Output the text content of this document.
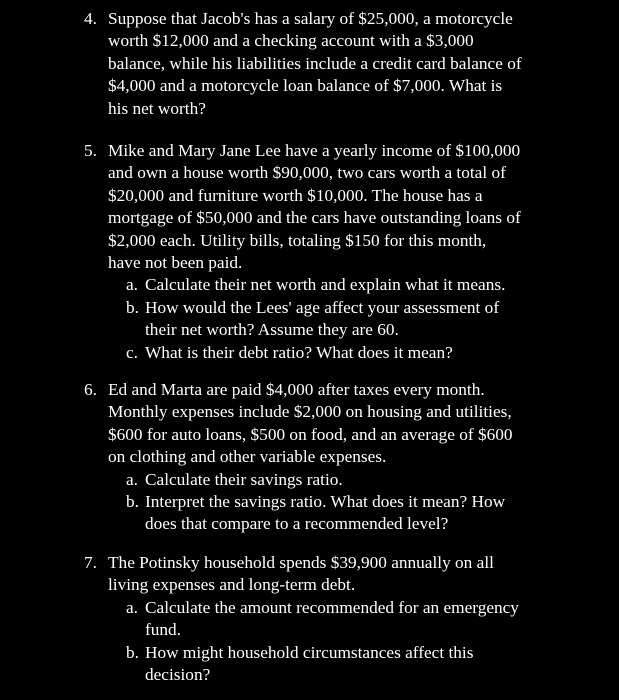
4. Suppose that Jacob's has a salary of $25,000, a motorcycle
worth $12,000 and a checking account with a $3,000
balance, while his liabilities include a credit card balance of
$4,000 and a motorcycle loan balance of $7,000. What is
his net worth?
5. Mike and Mary Jane Lee have a yearly income of $100,000
and own a house worth $90,000, two cars worth a total of
$20,000 and furniture worth $10,000. The house has a
mortgage of $50,000 and the cars have outstanding loans of
$2,000 each. Utility bills, totaling $150 for this month,
have not been paid.
a. Calculate their net worth and explain what it means.
b. How would the Lees' age affect your assessment of
their net worth? Assume they are 60.
c. What is their debt ratio? What does it mean?
6. Ed and Marta are paid $4,000 after taxes every month.
Monthly expenses include $2,000 on housing and utilities,
$600 for auto loans, $500 on food, and an average of $600
on clothing and other variable expenses.
a. Calculate their savings ratio.
b. Interpret the savings ratio. What does it mean? How
does that compare to a recommended level?
7. The Potinsky household spends $39,900 annually on all
living expenses and long-term debt.
a. Calculate the amount recommended for an emergency
fund.
b. How might household circumstances affect this
decision?
